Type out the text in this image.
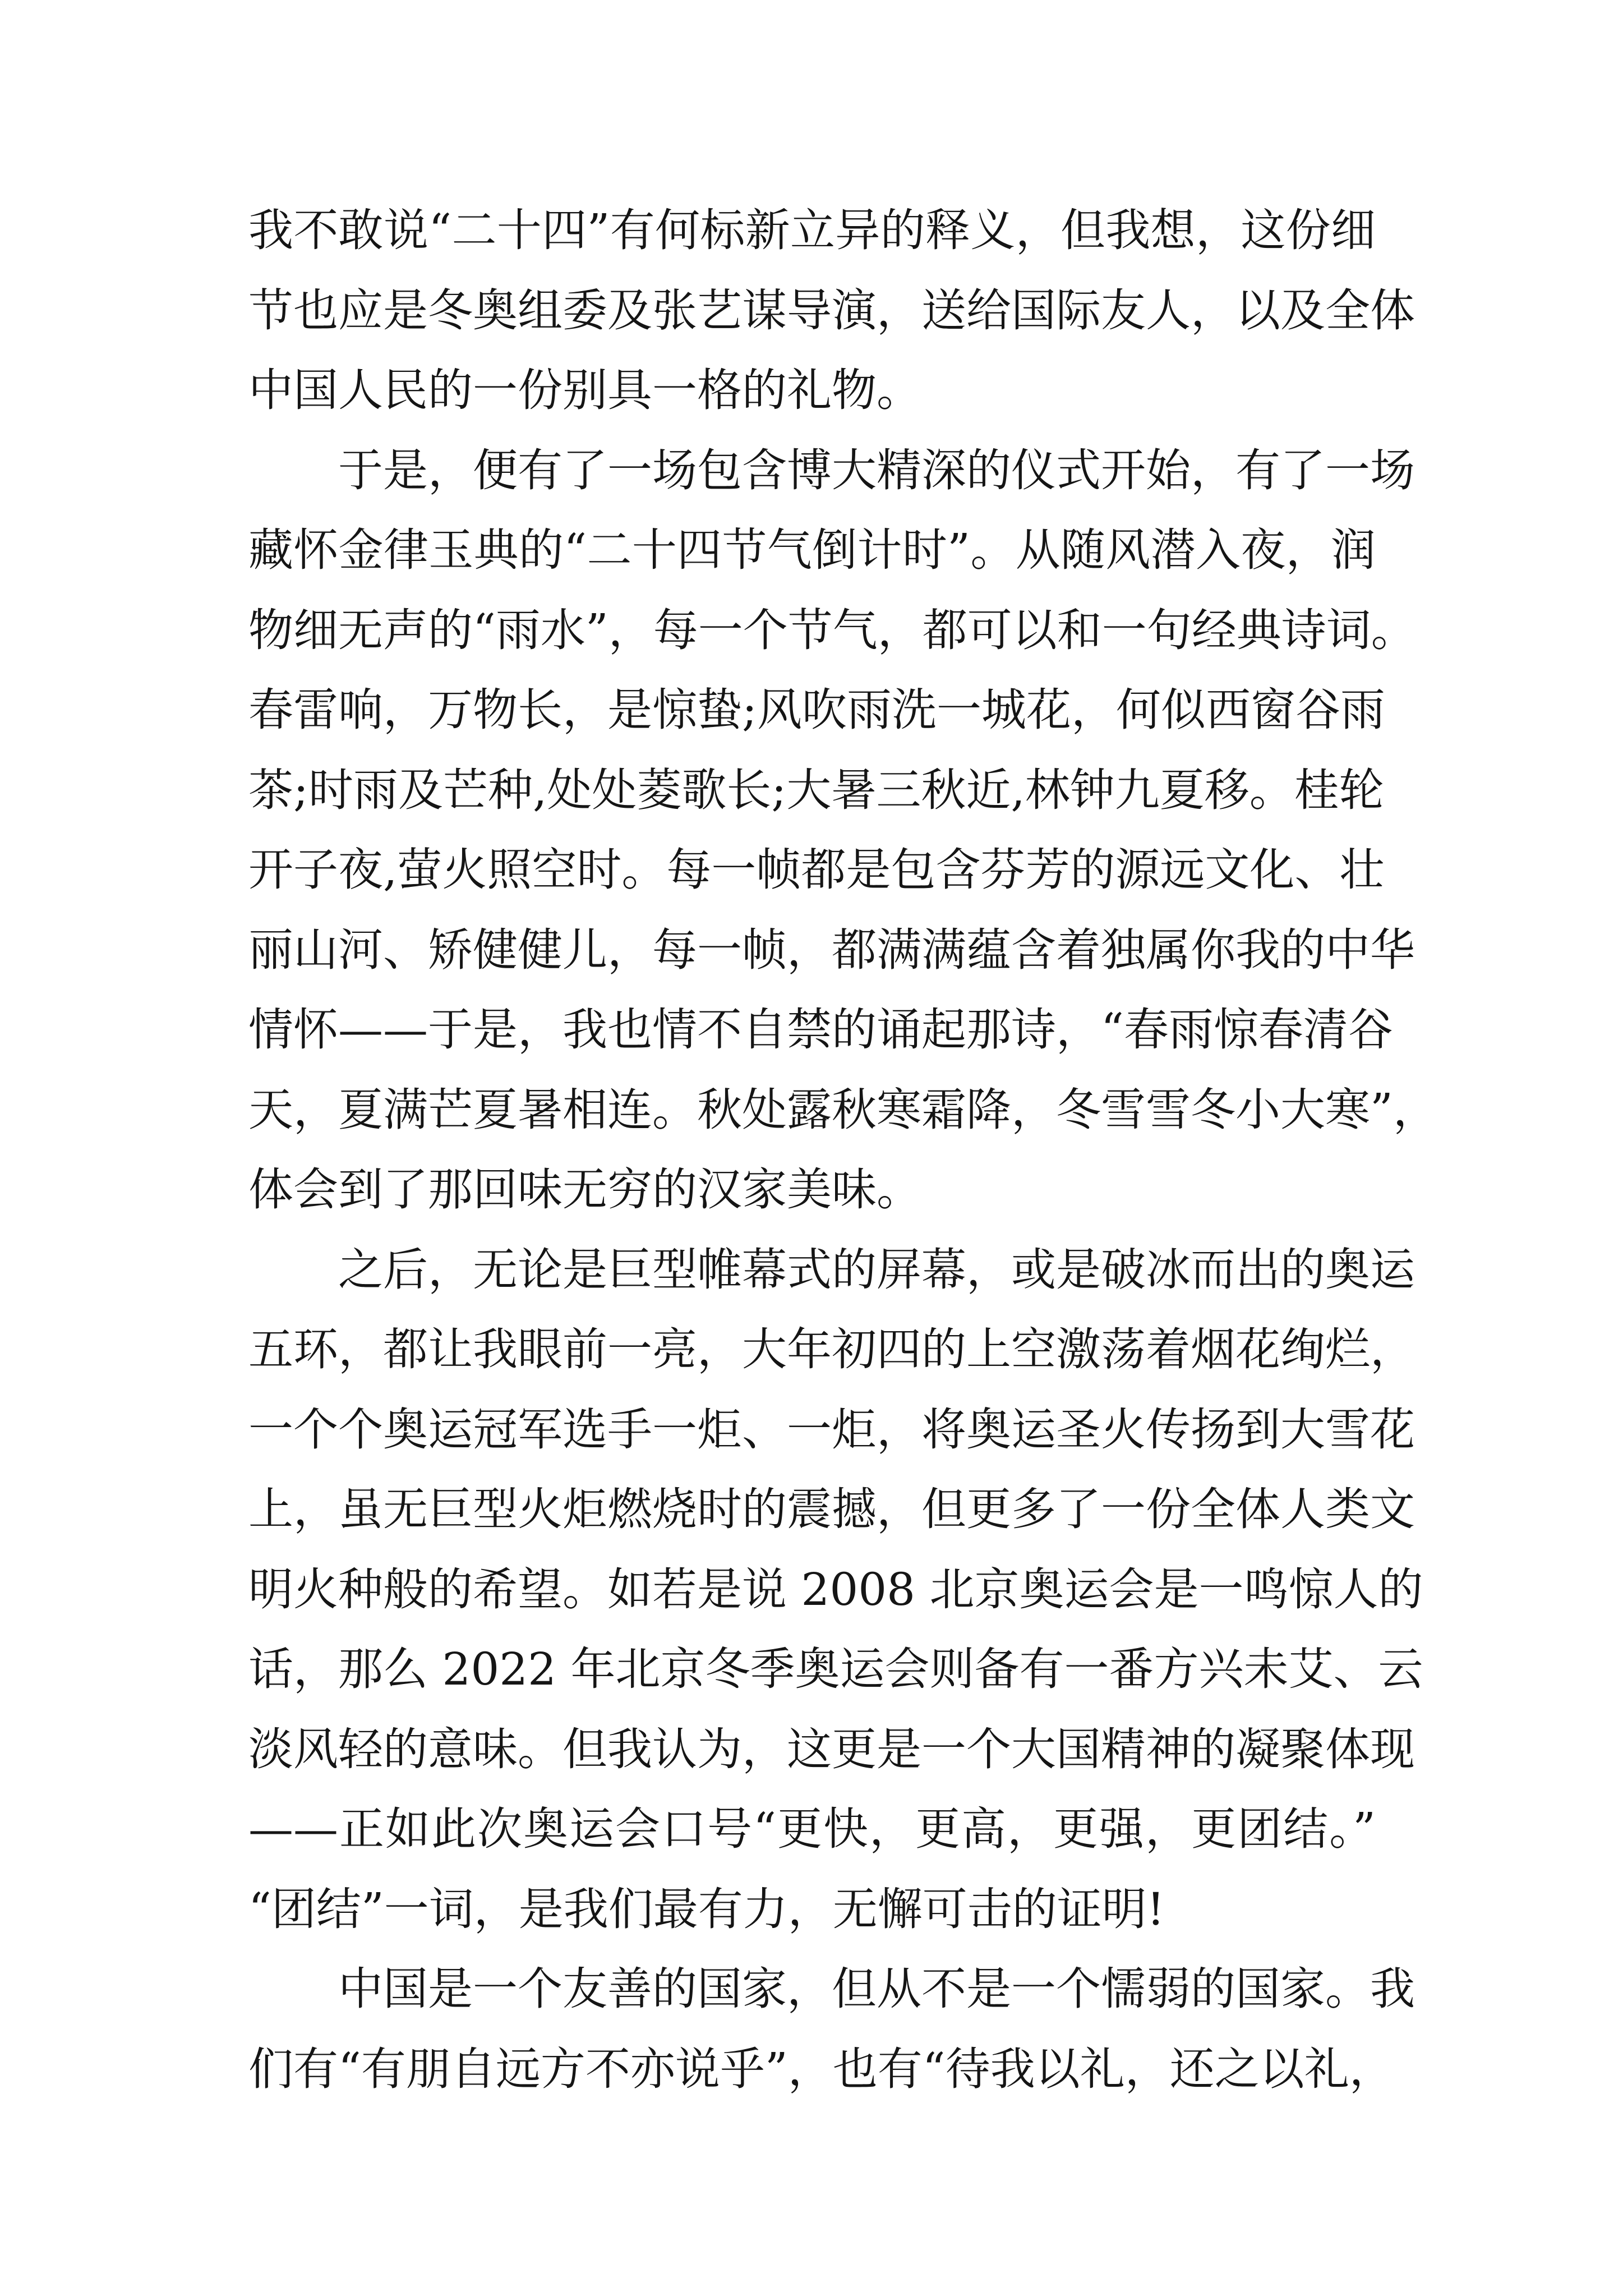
我不敢说“二十四”有何标新立异的释义，但我想，这份细
节也应是冬奥组委及张艺谋导演，送给国际友人，以及全体
中国人民的一份别具一格的礼物。
于是，便有了一场包含博大精深的仪式开始，有了一场
藏怀金律玉典的“二十四节气倒计时”。从随风潜入夜，润
物细无声的“雨水”，每一个节气，都可以和一句经典诗词。
春雷响，万物长，是惊蛰;风吹雨洗一城花，何似西窗谷雨
茶;时雨及芒种,处处菱歌长;大暑三秋近,林钟九夏移。桂轮
开子夜,萤火照空时。每一帧都是包含芬芳的源远文化、壮
丽山河、矫健健儿，每一帧，都满满蕴含着独属你我的中华
情怀——于是，我也情不自禁的诵起那诗，“春雨惊春清谷
天，夏满芒夏暑相连。秋处露秋寒霜降，冬雪雪冬小大寒”，
体会到了那回味无穷的汉家美味。
之后，无论是巨型帷幕式的屏幕，或是破冰而出的奥运
五环，都让我眼前一亮，大年初四的上空激荡着烟花绚烂，
一个个奥运冠军选手一炬、一炬，将奥运圣火传扬到大雪花
上，虽无巨型火炬燃烧时的震撼，但更多了一份全体人类文
明火种般的希望。如若是说 2008 北京奥运会是一鸣惊人的
话，那么 2022 年北京冬季奥运会则备有一番方兴未艾、云
淡风轻的意味。但我认为，这更是一个大国精神的凝聚体现
——正如此次奥运会口号“更快，更高，更强，更团结。”
“团结”一词，是我们最有力，无懈可击的证明!
中国是一个友善的国家，但从不是一个懦弱的国家。我
们有“有朋自远方不亦说乎”，也有“待我以礼，还之以礼，
